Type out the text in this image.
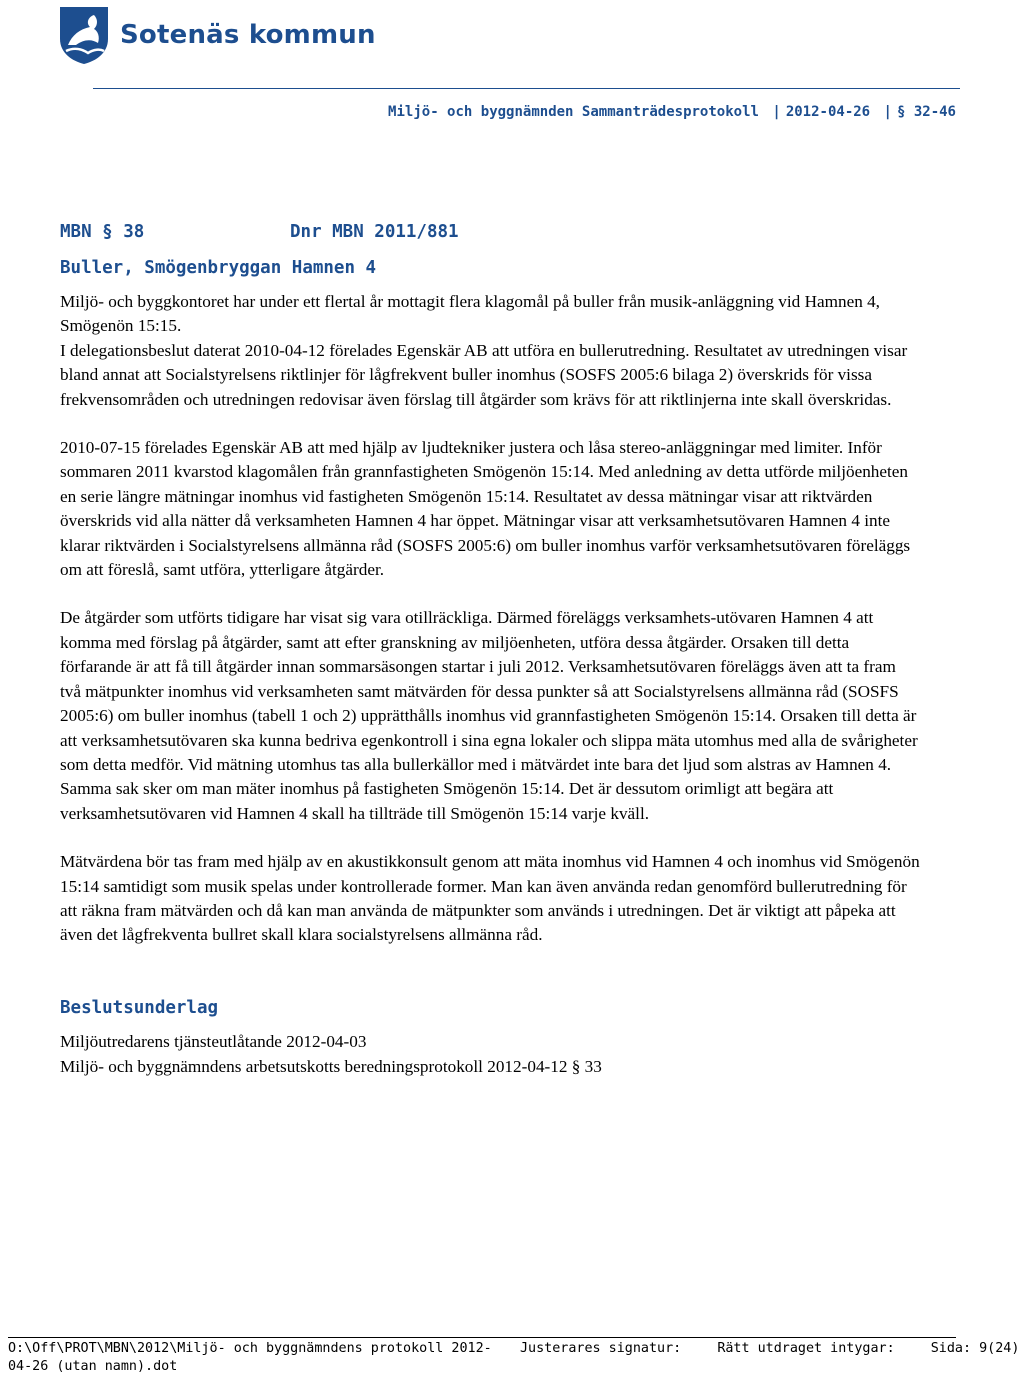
Sotenäs kommun
Miljö- och byggnämnden Sammanträdesprotokoll | 2012-04-26 | § 32-46
MBN § 38	Dnr MBN 2011/881
Buller, Smögenbryggan Hamnen 4

Miljö- och byggkontoret har under ett flertal år mottagit flera klagomål på buller från musik-anläggning vid Hamnen 4, Smögenön 15:15.

I delegationsbeslut daterat 2010-04-12 förelades Egenskär AB att utföra en bullerutredning. Resultatet av utredningen visar bland annat att Socialstyrelsens riktlinjer för lågfrekvent buller inomhus (SOSFS 2005:6 bilaga 2) överskrids för vissa frekvensområden och utredningen redovisar även förslag till åtgärder som krävs för att riktlinjerna inte skall överskridas.

2010-07-15 förelades Egenskär AB att med hjälp av ljudtekniker justera och låsa stereo-anläggningar med limiter. Inför sommaren 2011 kvarstod klagomålen från grannfastigheten Smögenön 15:14. Med anledning av detta utförde miljöenheten en serie längre mätningar inomhus vid fastigheten Smögenön 15:14. Resultatet av dessa mätningar visar att riktvärden överskrids vid alla nätter då verksamheten Hamnen 4 har öppet. Mätningar visar att verksamhetsutövaren Hamnen 4 inte klarar riktvärden i Socialstyrelsens allmänna råd (SOSFS 2005:6) om buller inomhus varför verksamhetsutövaren föreläggs om att föreslå, samt utföra, ytterligare åtgärder.

De åtgärder som utförts tidigare har visat sig vara otillräckliga. Därmed föreläggs verksamhets-utövaren Hamnen 4 att komma med förslag på åtgärder, samt att efter granskning av miljöenheten, utföra dessa åtgärder. Orsaken till detta förfarande är att få till åtgärder innan sommarsäsongen startar i juli 2012. Verksamhetsutövaren föreläggs även att ta fram två mätpunkter inomhus vid verksamheten samt mätvärden för dessa punkter så att Socialstyrelsens allmänna råd (SOSFS 2005:6) om buller inomhus (tabell 1 och 2) upprätthålls inomhus vid grannfastigheten Smögenön 15:14. Orsaken till detta är att verksamhetsutövaren ska kunna bedriva egenkontroll i sina egna lokaler och slippa mäta utomhus med alla de svårigheter som detta medför. Vid mätning utomhus tas alla bullerkällor med i mätvärdet inte bara det ljud som alstras av Hamnen 4. Samma sak sker om man mäter inomhus på fastigheten Smögenön 15:14. Det är dessutom orimligt att begära att verksamhetsutövaren vid Hamnen 4 skall ha tillträde till Smögenön 15:14 varje kväll.

Mätvärdena bör tas fram med hjälp av en akustikkonsult genom att mäta inomhus vid Hamnen 4 och inomhus vid Smögenön 15:14 samtidigt som musik spelas under kontrollerade former. Man kan även använda redan genomförd bullerutredning för att räkna fram mätvärden och då kan man använda de mätpunkter som används i utredningen. Det är viktigt att påpeka att även det lågfrekventa bullret skall klara socialstyrelsens allmänna råd.

Beslutsunderlag

Miljöutredarens tjänsteutlåtande 2012-04-03

Miljö- och byggnämndens arbetsutskotts beredningsprotokoll 2012-04-12 § 33

O:\Off\PROT\MBN\2012\Miljö- och byggnämndens protokoll 2012-04-26 (utan namn).dot
Justerares signatur:	Rätt utdraget intygar:	Sida: 9(24)
